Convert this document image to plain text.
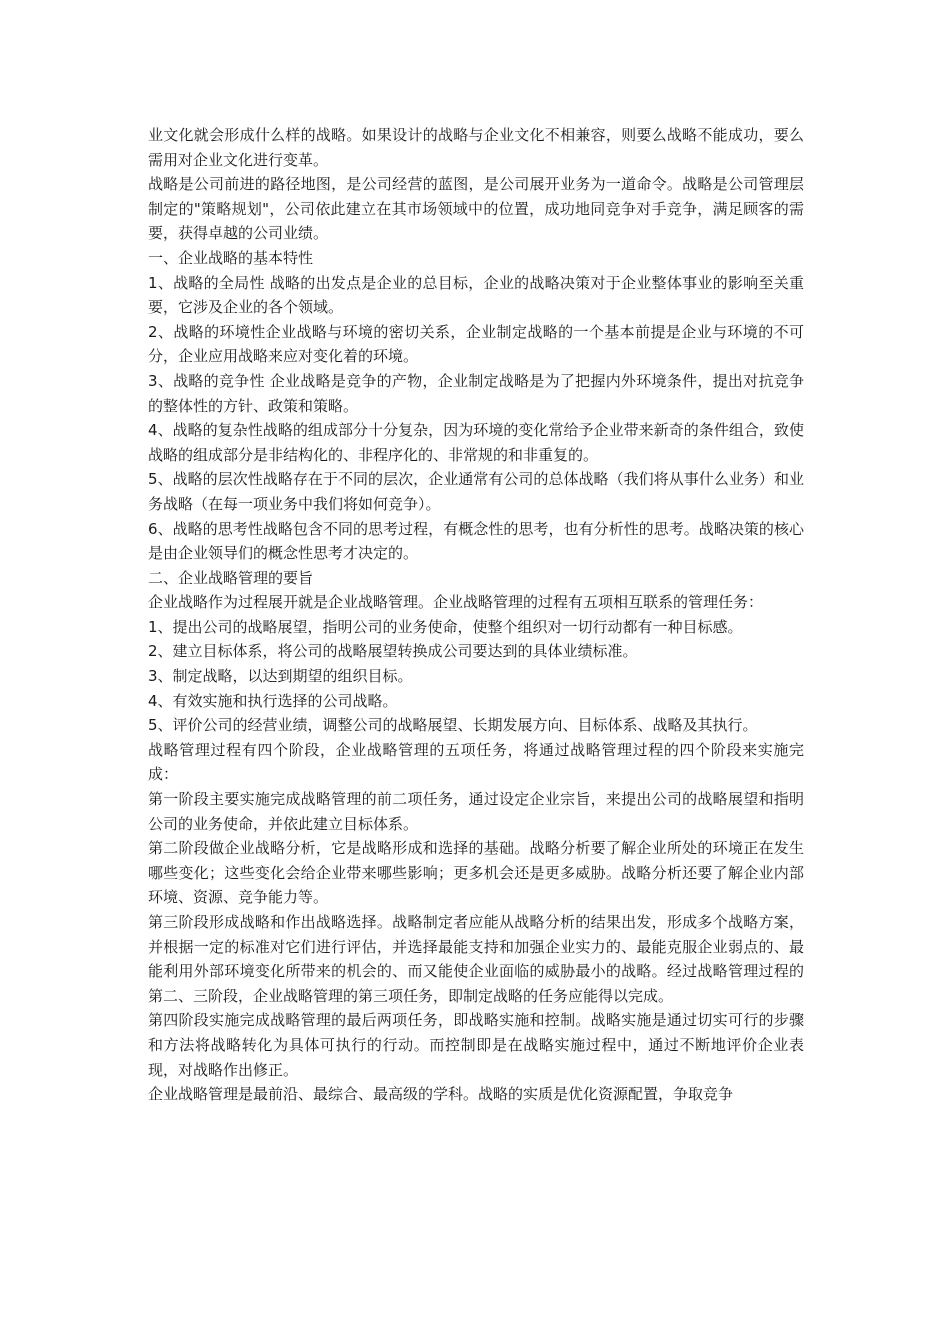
业文化就会形成什么样的战略。如果设计的战略与企业文化不相兼容，则要么战略不能成功，要么需用对企业文化进行变革。

战略是公司前进的路径地图，是公司经营的蓝图，是公司展开业务为一道命令。战略是公司管理层制定的"策略规划"，公司依此建立在其市场领域中的位置，成功地同竞争对手竞争，满足顾客的需要，获得卓越的公司业绩。

一、企业战略的基本特性

1、战略的全局性 战略的出发点是企业的总目标，企业的战略决策对于企业整体事业的影响至关重要，它涉及企业的各个领域。

2、战略的环境性企业战略与环境的密切关系，企业制定战略的一个基本前提是企业与环境的不可分，企业应用战略来应对变化着的环境。

3、战略的竞争性 企业战略是竞争的产物，企业制定战略是为了把握内外环境条件，提出对抗竞争的整体性的方针、政策和策略。

4、战略的复杂性战略的组成部分十分复杂，因为环境的变化常给予企业带来新奇的条件组合，致使战略的组成部分是非结构化的、非程序化的、非常规的和非重复的。

5、战略的层次性战略存在于不同的层次，企业通常有公司的总体战略（我们将从事什么业务）和业务战略（在每一项业务中我们将如何竞争）。

6、战略的思考性战略包含不同的思考过程，有概念性的思考，也有分析性的思考。战略决策的核心是由企业领导们的概念性思考才决定的。

二、企业战略管理的要旨

企业战略作为过程展开就是企业战略管理。企业战略管理的过程有五项相互联系的管理任务：

1、提出公司的战略展望，指明公司的业务使命，使整个组织对一切行动都有一种目标感。

2、建立目标体系，将公司的战略展望转换成公司要达到的具体业绩标准。

3、制定战略，以达到期望的组织目标。

4、有效实施和执行选择的公司战略。

5、评价公司的经营业绩，调整公司的战略展望、长期发展方向、目标体系、战略及其执行。

战略管理过程有四个阶段，企业战略管理的五项任务，将通过战略管理过程的四个阶段来实施完成：

第一阶段主要实施完成战略管理的前二项任务，通过设定企业宗旨，来提出公司的战略展望和指明公司的业务使命，并依此建立目标体系。

第二阶段做企业战略分析，它是战略形成和选择的基础。战略分析要了解企业所处的环境正在发生哪些变化；这些变化会给企业带来哪些影响；更多机会还是更多威胁。战略分析还要了解企业内部环境、资源、竞争能力等。

第三阶段形成战略和作出战略选择。战略制定者应能从战略分析的结果出发，形成多个战略方案，并根据一定的标准对它们进行评估，并选择最能支持和加强企业实力的、最能克服企业弱点的、最能利用外部环境变化所带来的机会的、而又能使企业面临的威胁最小的战略。经过战略管理过程的第二、三阶段，企业战略管理的第三项任务，即制定战略的任务应能得以完成。

第四阶段实施完成战略管理的最后两项任务，即战略实施和控制。战略实施是通过切实可行的步骤和方法将战略转化为具体可执行的行动。而控制即是在战略实施过程中，通过不断地评价企业表现，对战略作出修正。

企业战略管理是最前沿、最综合、最高级的学科。战略的实质是优化资源配置，争取竞争
